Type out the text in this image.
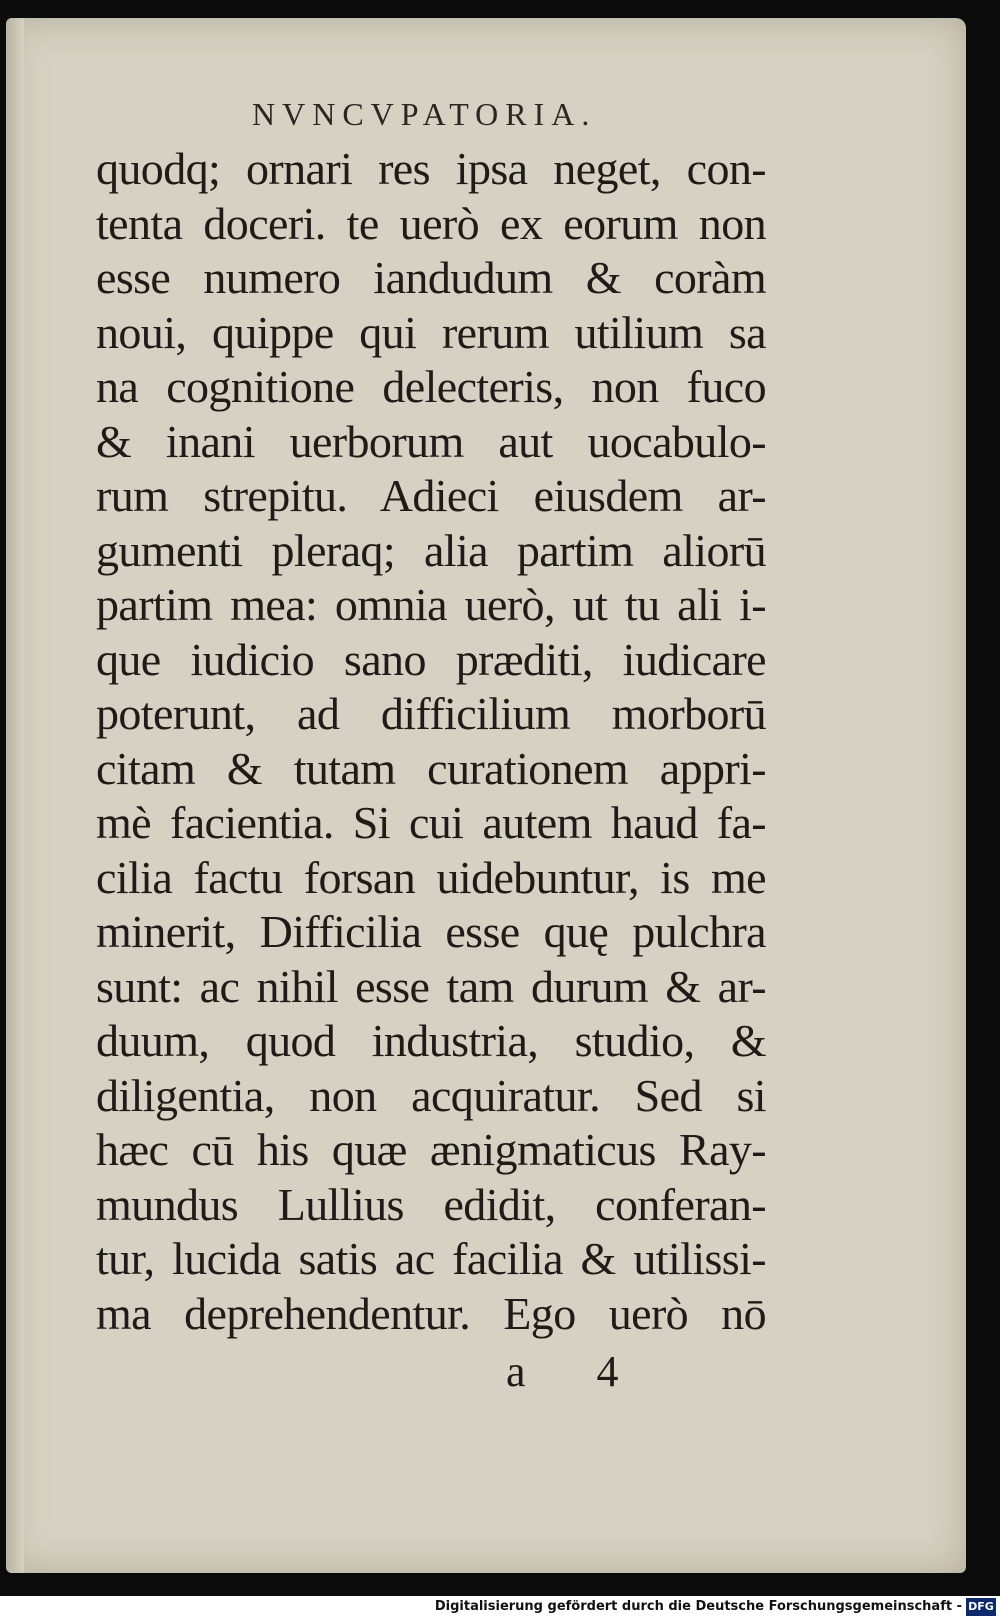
NVNCVPATORIA.
quodq; ornari res ipsa neget, con-
tenta doceri. te uerò ex eorum non
esse numero iandudum & coràm
noui, quippe qui rerum utilium sa
na cognitione delecteris, non fuco
& inani uerborum aut uocabulo-
rum strepitu. Adieci eiusdem ar-
gumenti pleraq; alia partim aliorū
partim mea: omnia uerò, ut tu ali i-
que iudicio sano præditi, iudicare
poterunt, ad difficilium morborū
citam & tutam curationem appri-
mè facientia. Si cui autem haud fa-
cilia factu forsan uidebuntur, is me
minerit, Difficilia esse quę pulchra
sunt: ac nihil esse tam durum & ar-
duum, quod industria, studio, &
diligentia, non acquiratur. Sed si
hæc cū his quæ ænigmaticus Ray-
mundus Lullius edidit, conferan-
tur, lucida satis ac facilia & utilissi-
ma deprehendentur. Ego uerò nō
a 4
Digitalisierung gefördert durch die Deutsche Forschungsgemeinschaft - DFG
